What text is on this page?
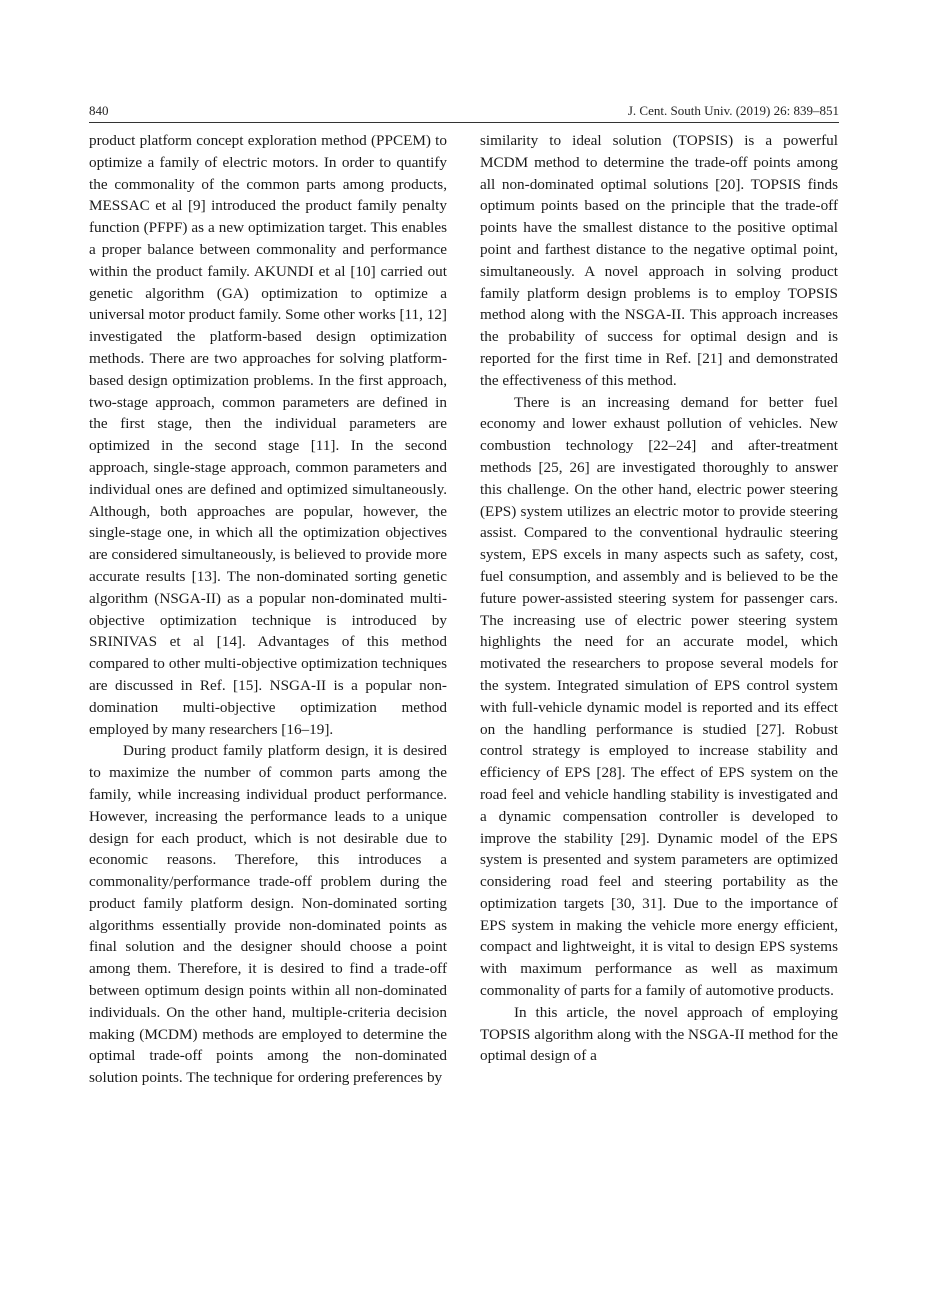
840	J. Cent. South Univ. (2019) 26: 839–851

product platform concept exploration method (PPCEM) to optimize a family of electric motors. In order to quantify the commonality of the common parts among products, MESSAC et al [9] introduced the product family penalty function (PFPF) as a new optimization target. This enables a proper balance between commonality and performance within the product family. AKUNDI et al [10] carried out genetic algorithm (GA) optimization to optimize a universal motor product family. Some other works [11, 12] investigated the platform-based design optimization methods. There are two approaches for solving platform-based design optimization problems. In the first approach, two-stage approach, common parameters are defined in the first stage, then the individual parameters are optimized in the second stage [11]. In the second approach, single-stage approach, common parameters and individual ones are defined and optimized simultaneously. Although, both approaches are popular, however, the single-stage one, in which all the optimization objectives are considered simultaneously, is believed to provide more accurate results [13]. The non-dominated sorting genetic algorithm (NSGA-II) as a popular non-dominated multi-objective optimization technique is introduced by SRINIVAS et al [14]. Advantages of this method compared to other multi-objective optimization techniques are discussed in Ref. [15]. NSGA-II is a popular non-domination multi-objective optimization method employed by many researchers [16–19].

During product family platform design, it is desired to maximize the number of common parts among the family, while increasing individual product performance. However, increasing the performance leads to a unique design for each product, which is not desirable due to economic reasons. Therefore, this introduces a commonality/performance trade-off problem during the product family platform design. Non-dominated sorting algorithms essentially provide non-dominated points as final solution and the designer should choose a point among them. Therefore, it is desired to find a trade-off between optimum design points within all non-dominated individuals. On the other hand, multiple-criteria decision making (MCDM) methods are employed to determine the optimal trade-off points among the non-dominated solution points. The technique for ordering preferences by

similarity to ideal solution (TOPSIS) is a powerful MCDM method to determine the trade-off points among all non-dominated optimal solutions [20]. TOPSIS finds optimum points based on the principle that the trade-off points have the smallest distance to the positive optimal point and farthest distance to the negative optimal point, simultaneously. A novel approach in solving product family platform design problems is to employ TOPSIS method along with the NSGA-II. This approach increases the probability of success for optimal design and is reported for the first time in Ref. [21] and demonstrated the effectiveness of this method.

There is an increasing demand for better fuel economy and lower exhaust pollution of vehicles. New combustion technology [22–24] and after-treatment methods [25, 26] are investigated thoroughly to answer this challenge. On the other hand, electric power steering (EPS) system utilizes an electric motor to provide steering assist. Compared to the conventional hydraulic steering system, EPS excels in many aspects such as safety, cost, fuel consumption, and assembly and is believed to be the future power-assisted steering system for passenger cars. The increasing use of electric power steering system highlights the need for an accurate model, which motivated the researchers to propose several models for the system. Integrated simulation of EPS control system with full-vehicle dynamic model is reported and its effect on the handling performance is studied [27]. Robust control strategy is employed to increase stability and efficiency of EPS [28]. The effect of EPS system on the road feel and vehicle handling stability is investigated and a dynamic compensation controller is developed to improve the stability [29]. Dynamic model of the EPS system is presented and system parameters are optimized considering road feel and steering portability as the optimization targets [30, 31]. Due to the importance of EPS system in making the vehicle more energy efficient, compact and lightweight, it is vital to design EPS systems with maximum performance as well as maximum commonality of parts for a family of automotive products.

In this article, the novel approach of employing TOPSIS algorithm along with the NSGA-II method for the optimal design of a
